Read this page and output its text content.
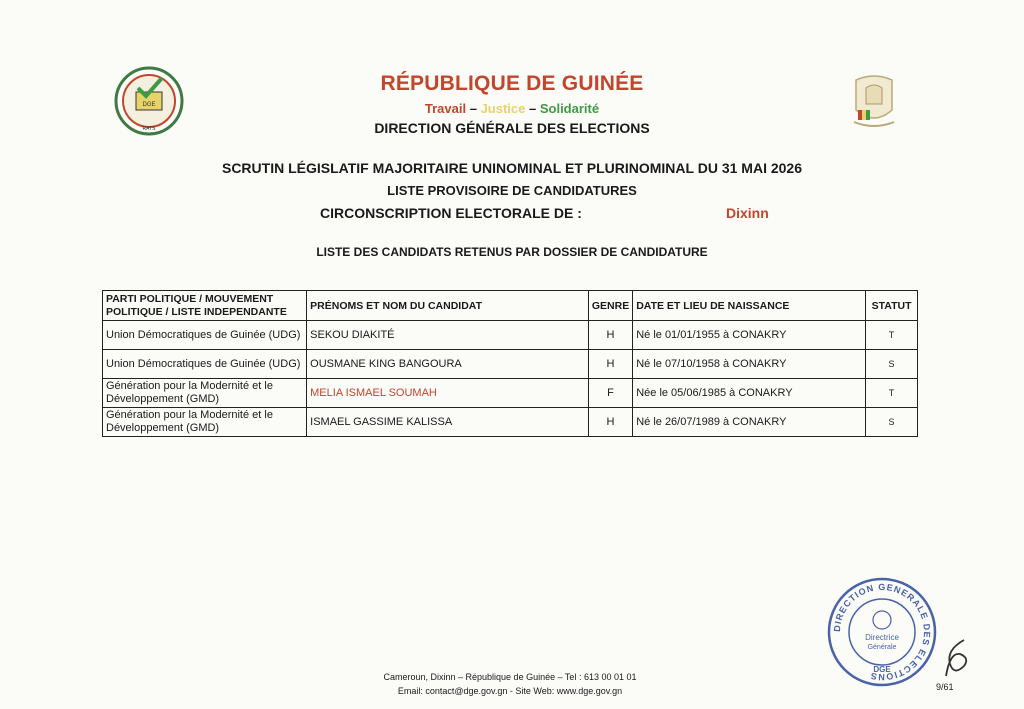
DGE
RATS
RÉPUBLIQUE DE GUINÉE
Travail – Justice – Solidarité
DIRECTION GÉNÉRALE DES ELECTIONS
SCRUTIN LÉGISLATIF MAJORITAIRE UNINOMINAL ET PLURINOMINAL DU 31 MAI 2026
LISTE PROVISOIRE DE CANDIDATURES
CIRCONSCRIPTION ELECTORALE DE :	Dixinn
LISTE DES CANDIDATS RETENUS PAR DOSSIER DE CANDIDATURE
PARTI POLITIQUE / MOUVEMENT POLITIQUE / LISTE INDEPENDANTE	PRÉNOMS ET NOM DU CANDIDAT	GENRE	DATE ET LIEU DE NAISSANCE	STATUT
Union Démocratiques de Guinée (UDG)	SEKOU DIAKITÉ	H	Né le 01/01/1955 à CONAKRY	T
Union Démocratiques de Guinée (UDG)	OUSMANE KING BANGOURA	H	Né le 07/10/1958 à CONAKRY	S
Génération pour la Modernité et le Développement (GMD)	MELIA ISMAEL SOUMAH	F	Née le 05/06/1985 à CONAKRY	T
Génération pour la Modernité et le Développement (GMD)	ISMAEL GASSIME KALISSA	H	Né le 26/07/1989 à CONAKRY	S
DIRECTION GENERALE DES ELECTIONS
Directrice
Générale
DGE
Cameroun, Dixinn – République de Guinée – Tel : 613 00 01 01
Email: contact@dge.gov.gn - Site Web: www.dge.gov.gn	9/61
